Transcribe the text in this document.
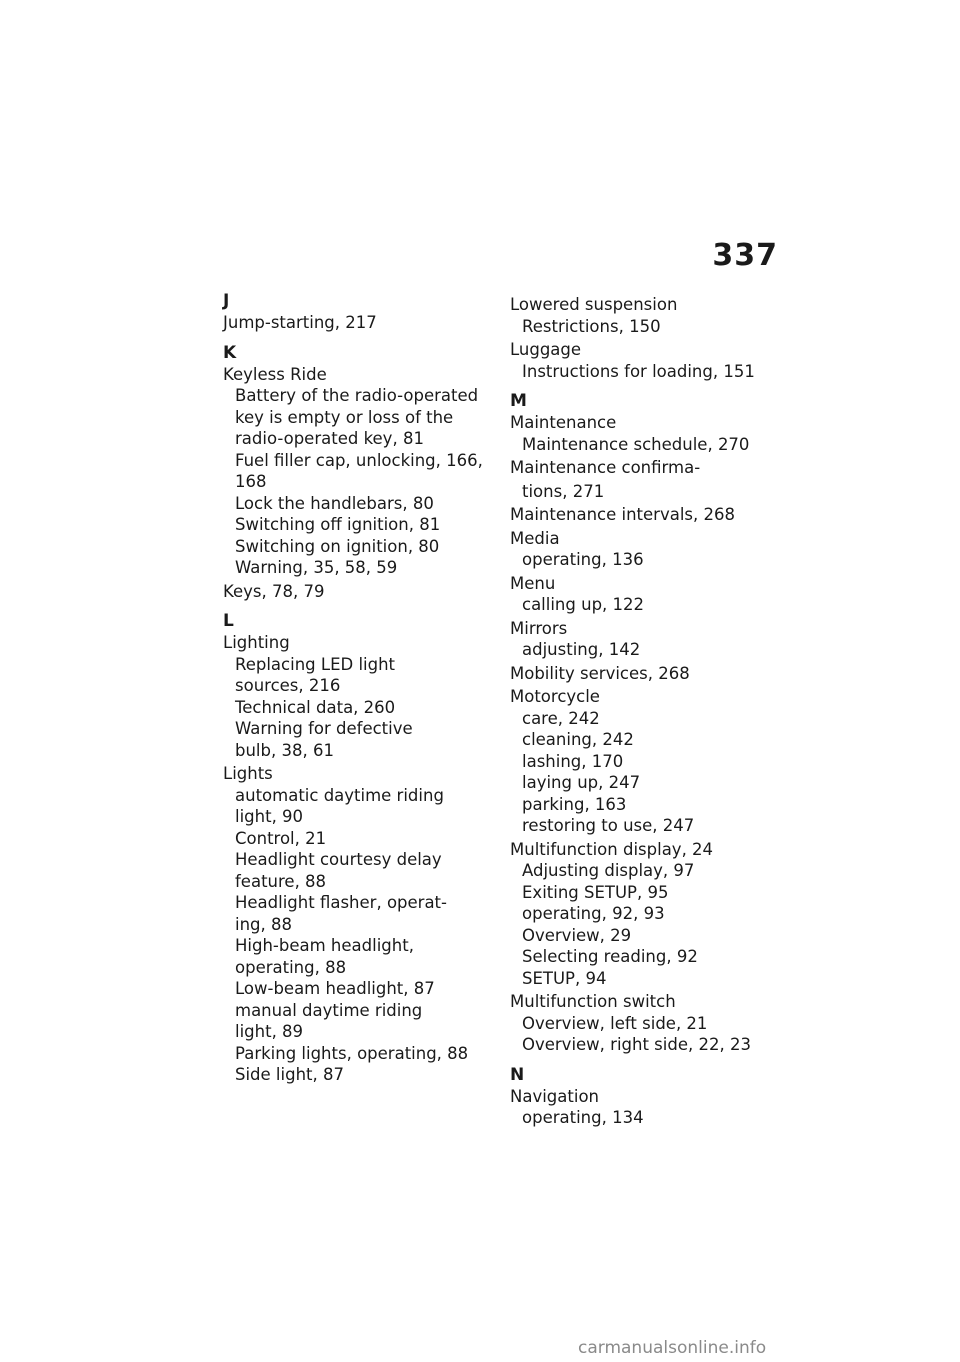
337
J
Jump-starting, 217
K
Keyless Ride
Battery of the radio-operated
key is empty or loss of the
radio-operated key, 81
Fuel filler cap, unlocking, 166,
168
Lock the handlebars, 80
Switching off ignition, 81
Switching on ignition, 80
Warning, 35, 58, 59
Keys, 78, 79
L
Lighting
Replacing LED light
sources, 216
Technical data, 260
Warning for defective
bulb, 38, 61
Lights
automatic daytime riding
light, 90
Control, 21
Headlight courtesy delay
feature, 88
Headlight flasher, operat-
ing, 88
High-beam headlight,
operating, 88
Low-beam headlight, 87
manual daytime riding
light, 89
Parking lights, operating, 88
Side light, 87
Lowered suspension
Restrictions, 150
Luggage
Instructions for loading, 151
M
Maintenance
Maintenance schedule, 270
Maintenance confirma-
tions, 271
Maintenance intervals, 268
Media
operating, 136
Menu
calling up, 122
Mirrors
adjusting, 142
Mobility services, 268
Motorcycle
care, 242
cleaning, 242
lashing, 170
laying up, 247
parking, 163
restoring to use, 247
Multifunction display, 24
Adjusting display, 97
Exiting SETUP, 95
operating, 92, 93
Overview, 29
Selecting reading, 92
SETUP, 94
Multifunction switch
Overview, left side, 21
Overview, right side, 22, 23
N
Navigation
operating, 134
carmanualsonline.info
